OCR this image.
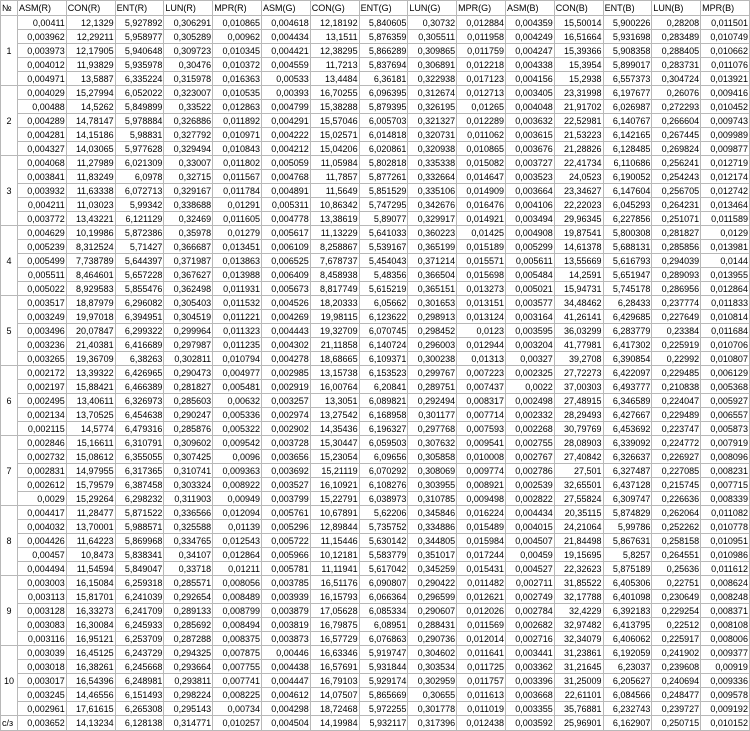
№	ASM(R)	CON(R)	ENT(R)	LUN(R)	MPR(R)	ASM(G)	CON(G)	ENT(G)	LUN(G)	MPR(G)	ASM(B)	CON(B)	ENT(B)	LUN(B)	MPR(B)
1	0,00411	12,1329	5,927892	0,306291	0,010865	0,004618	12,18192	5,840605	0,30732	0,012884	0,004359	15,50014	5,900226	0,28208	0,011501
	0,003962	12,29211	5,958977	0,305289	0,00962	0,004434	13,1511	5,876359	0,305511	0,011958	0,004249	16,51664	5,931698	0,283489	0,010749
	0,003973	12,17905	5,940648	0,309723	0,010345	0,004421	12,38295	5,866289	0,309865	0,011759	0,004247	15,39366	5,908358	0,288405	0,010662
	0,004012	11,93829	5,935978	0,30476	0,010372	0,004559	11,7213	5,837694	0,306891	0,012218	0,004338	15,3954	5,899017	0,283731	0,011076
	0,004971	13,5887	6,335224	0,315978	0,016363	0,00533	13,4484	6,36181	0,322938	0,017123	0,004156	15,2938	6,557373	0,304724	0,013921
2	0,004029	15,27994	6,052022	0,323007	0,010535	0,00393	16,70255	6,096395	0,312674	0,012713	0,003405	23,31998	6,197677	0,26076	0,009416
	0,00488	14,5262	5,849899	0,33522	0,012863	0,004799	15,38288	5,879395	0,326195	0,01265	0,004048	21,91702	6,026987	0,272293	0,010452
	0,004289	14,78147	5,978884	0,326886	0,011892	0,004291	15,57046	6,005703	0,321327	0,012289	0,003632	22,52981	6,140767	0,266604	0,009743
	0,004281	14,15186	5,98831	0,327792	0,010971	0,004222	15,02571	6,014818	0,320731	0,011062	0,003615	21,53223	6,142165	0,267445	0,009989
	0,004327	14,03065	5,977628	0,329494	0,010843	0,004212	15,04206	6,020861	0,320938	0,010865	0,003676	21,28826	6,128485	0,269824	0,009877
3	0,004068	11,27989	6,021309	0,33007	0,011802	0,005059	11,05984	5,802818	0,335338	0,015082	0,003727	22,41734	6,110686	0,256241	0,012719
	0,003841	11,83249	6,0978	0,32715	0,011567	0,004768	11,7857	5,877261	0,332664	0,014647	0,003523	24,0523	6,190052	0,254243	0,012174
	0,003932	11,63338	6,072713	0,329167	0,011784	0,004891	11,5649	5,851529	0,335106	0,014909	0,003664	23,34627	6,147604	0,256705	0,012742
	0,004211	11,03023	5,99342	0,338688	0,01291	0,005311	10,86342	5,747295	0,342676	0,016476	0,004106	22,22023	6,045293	0,264231	0,013464
	0,003772	13,43221	6,121129	0,32469	0,011605	0,004778	13,38619	5,89077	0,329917	0,014921	0,003494	29,96345	6,227856	0,251071	0,011589
4	0,004629	10,19986	5,872386	0,35978	0,01279	0,005617	11,13229	5,641033	0,360223	0,01425	0,004908	19,87541	5,800308	0,281827	0,0129
	0,005239	8,312524	5,71427	0,366687	0,013451	0,006109	8,258867	5,539167	0,365199	0,015189	0,005299	14,61378	5,688131	0,285856	0,013981
	0,005499	7,738789	5,644397	0,371987	0,013863	0,006525	7,678737	5,454043	0,371214	0,015571	0,005611	13,55669	5,616793	0,294039	0,0144
	0,005511	8,464601	5,657228	0,367627	0,013988	0,006409	8,458938	5,48356	0,366504	0,015698	0,005484	14,2591	5,651947	0,289093	0,013955
	0,005022	8,929583	5,855476	0,362498	0,011931	0,005673	8,817749	5,615219	0,365151	0,013273	0,005021	15,94731	5,745178	0,286956	0,012864
5	0,003517	18,87979	6,296082	0,305403	0,011532	0,004526	18,20333	6,05662	0,301653	0,013151	0,003577	34,48462	6,28433	0,237774	0,011833
	0,003249	19,97018	6,394951	0,304519	0,011221	0,004269	19,98115	6,123622	0,298913	0,013124	0,003164	41,26141	6,429685	0,227649	0,010814
	0,003496	20,07847	6,299322	0,299964	0,011323	0,004443	19,32709	6,070745	0,298452	0,0123	0,003595	36,03299	6,283779	0,23384	0,011684
	0,003236	21,40381	6,416689	0,297987	0,011235	0,004302	21,11858	6,140724	0,296003	0,012944	0,003204	41,77981	6,417302	0,225919	0,010706
	0,003265	19,36709	6,38263	0,302811	0,010794	0,004278	18,68665	6,109371	0,300238	0,01313	0,00327	39,2708	6,390854	0,22992	0,010807
6	0,002172	13,39322	6,426965	0,290473	0,004977	0,002985	13,15738	6,153523	0,299767	0,007223	0,002325	27,72273	6,422097	0,229485	0,006129
	0,002197	15,88421	6,466389	0,281827	0,005481	0,002919	16,00764	6,20841	0,289751	0,007437	0,0022	37,00303	6,493777	0,210838	0,005368
	0,002495	13,40611	6,326973	0,285603	0,00632	0,003257	13,3051	6,089821	0,292494	0,008317	0,002498	27,48915	6,346589	0,224047	0,005927
	0,002134	13,70525	6,454638	0,290247	0,005336	0,002974	13,27542	6,168958	0,301177	0,007714	0,002332	28,29493	6,427667	0,229489	0,006557
	0,002115	14,5774	6,479316	0,285876	0,005322	0,002902	14,35436	6,196327	0,297768	0,007593	0,002268	30,79769	6,453692	0,223747	0,005873
7	0,002846	15,16611	6,310791	0,309602	0,009542	0,003728	15,30447	6,059503	0,307632	0,009541	0,002755	28,08903	6,339092	0,224772	0,007919
	0,002732	15,08612	6,355055	0,307425	0,0096	0,003656	15,23054	6,09656	0,305858	0,010008	0,002767	27,40842	6,326637	0,226927	0,008096
	0,002831	14,97955	6,317365	0,310741	0,009363	0,003692	15,21119	6,070292	0,308069	0,009774	0,002786	27,501	6,327487	0,227085	0,008231
	0,002612	15,79579	6,387458	0,303324	0,008922	0,003527	16,10921	6,108276	0,303955	0,008921	0,002539	32,65501	6,437128	0,215745	0,007715
	0,0029	15,29264	6,298232	0,311903	0,00949	0,003799	15,22791	6,038973	0,310785	0,009498	0,002822	27,55824	6,309747	0,226636	0,008339
8	0,004417	11,28477	5,871522	0,336566	0,012094	0,005761	10,67891	5,62206	0,345846	0,016224	0,004434	20,35115	5,874829	0,262064	0,011082
	0,004032	13,70001	5,988571	0,325588	0,01139	0,005296	12,89844	5,735752	0,334886	0,015489	0,004015	24,21064	5,99786	0,252262	0,010778
	0,004426	11,64223	5,869968	0,334765	0,012543	0,005722	11,15446	5,630142	0,344805	0,015984	0,004507	21,84498	5,867631	0,258158	0,010951
	0,00457	10,8473	5,838341	0,34107	0,012864	0,005966	10,12181	5,583779	0,351017	0,017244	0,00459	19,15695	5,8257	0,264551	0,010986
	0,004494	11,54594	5,849047	0,33718	0,01211	0,005781	11,11941	5,617042	0,345259	0,015431	0,004527	22,32623	5,875189	0,25636	0,011612
9	0,003003	16,15084	6,259318	0,285571	0,008056	0,003785	16,51176	6,090807	0,290422	0,011482	0,002711	31,85522	6,405306	0,22751	0,008624
	0,003113	15,81701	6,241039	0,292654	0,008489	0,003939	16,15793	6,066364	0,296599	0,012621	0,002749	32,17788	6,401098	0,230649	0,008248
	0,003128	16,33273	6,241709	0,289133	0,008799	0,003879	17,05628	6,085334	0,290607	0,012026	0,002784	32,4229	6,392183	0,229254	0,008371
	0,003083	16,30084	6,245933	0,285692	0,008494	0,003819	16,79875	6,08951	0,288431	0,011569	0,002682	32,97482	6,413795	0,22512	0,008108
	0,003116	16,95121	6,253709	0,287288	0,008375	0,003873	16,57729	6,076863	0,290736	0,012014	0,002716	32,34079	6,406062	0,225917	0,008006
10	0,003039	16,45125	6,243729	0,294325	0,007875	0,00446	16,63346	5,919747	0,304602	0,011641	0,003441	31,23861	6,192059	0,241902	0,009377
	0,003018	16,38261	6,245668	0,293664	0,007755	0,004438	16,57691	5,931844	0,303534	0,011725	0,003362	31,21645	6,23037	0,239608	0,00919
	0,003017	16,54396	6,248981	0,293811	0,007741	0,004447	16,79103	5,929174	0,302959	0,011757	0,003396	31,25009	6,205627	0,240694	0,009336
	0,003245	14,46556	6,151493	0,298224	0,008225	0,004612	14,07507	5,865669	0,30655	0,011613	0,003668	22,61101	6,084566	0,248477	0,009578
	0,002961	17,61615	6,265308	0,295143	0,00734	0,004298	18,72468	5,972255	0,301778	0,011019	0,003355	35,76881	6,232743	0,239727	0,009192
c/з	0,003652	14,13234	6,128138	0,314771	0,010257	0,004504	14,19984	5,932117	0,317396	0,012438	0,003592	25,96901	6,162907	0,250715	0,010152
